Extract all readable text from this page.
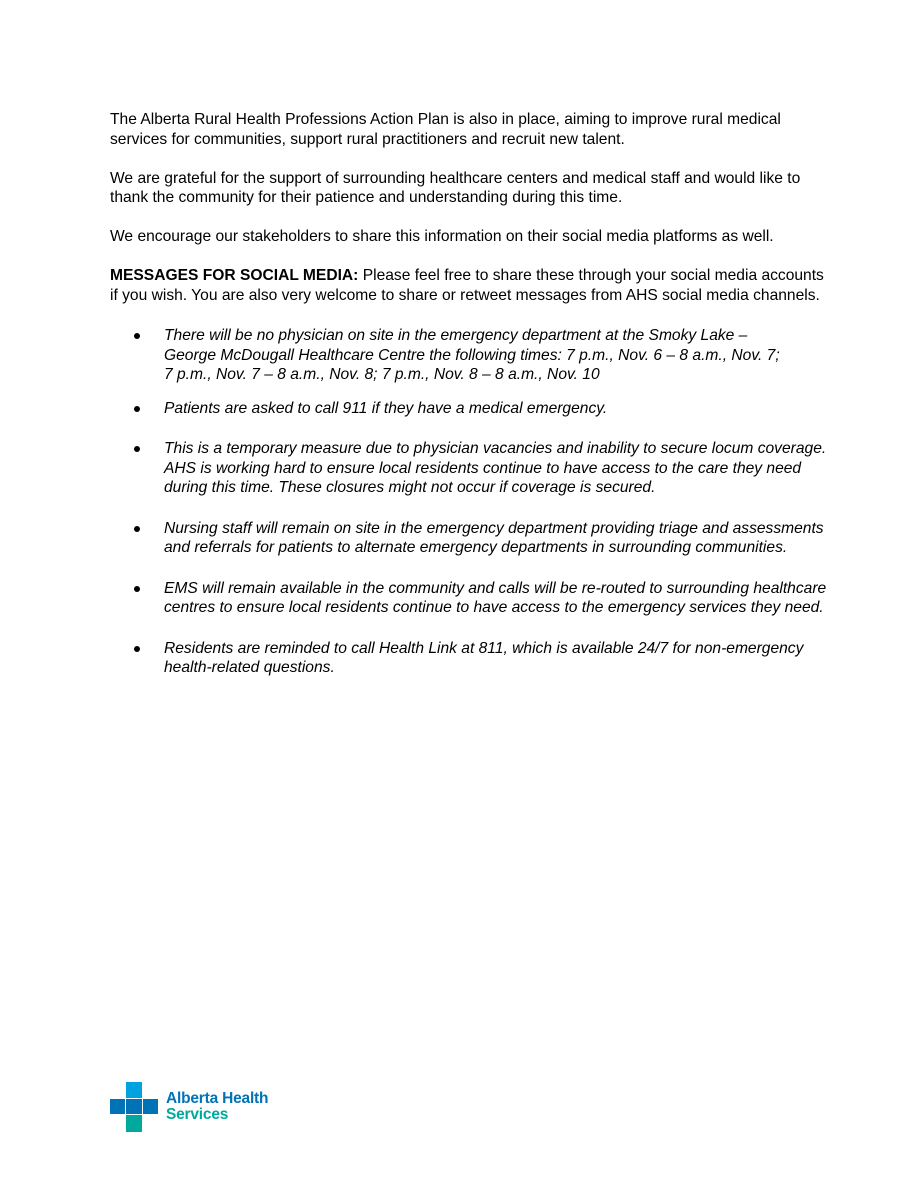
The Alberta Rural Health Professions Action Plan is also in place, aiming to improve rural medical services for communities, support rural practitioners and recruit new talent.

We are grateful for the support of surrounding healthcare centers and medical staff and would like to thank the community for their patience and understanding during this time.

We encourage our stakeholders to share this information on their social media platforms as well.

MESSAGES FOR SOCIAL MEDIA: Please feel free to share these through your social media accounts if you wish. You are also very welcome to share or retweet messages from AHS social media channels.

There will be no physician on site in the emergency department at the Smoky Lake – George McDougall Healthcare Centre the following times: 7 p.m., Nov. 6 – 8 a.m., Nov. 7; 7 p.m., Nov. 7 – 8 a.m., Nov. 8; 7 p.m., Nov. 8 – 8 a.m., Nov. 10
Patients are asked to call 911 if they have a medical emergency.
This is a temporary measure due to physician vacancies and inability to secure locum coverage. AHS is working hard to ensure local residents continue to have access to the care they need during this time. These closures might not occur if coverage is secured.
Nursing staff will remain on site in the emergency department providing triage and assessments and referrals for patients to alternate emergency departments in surrounding communities.
EMS will remain available in the community and calls will be re-routed to surrounding healthcare centres to ensure local residents continue to have access to the emergency services they need.
Residents are reminded to call Health Link at 811, which is available 24/7 for non-emergency health-related questions.
Alberta Health
Services
